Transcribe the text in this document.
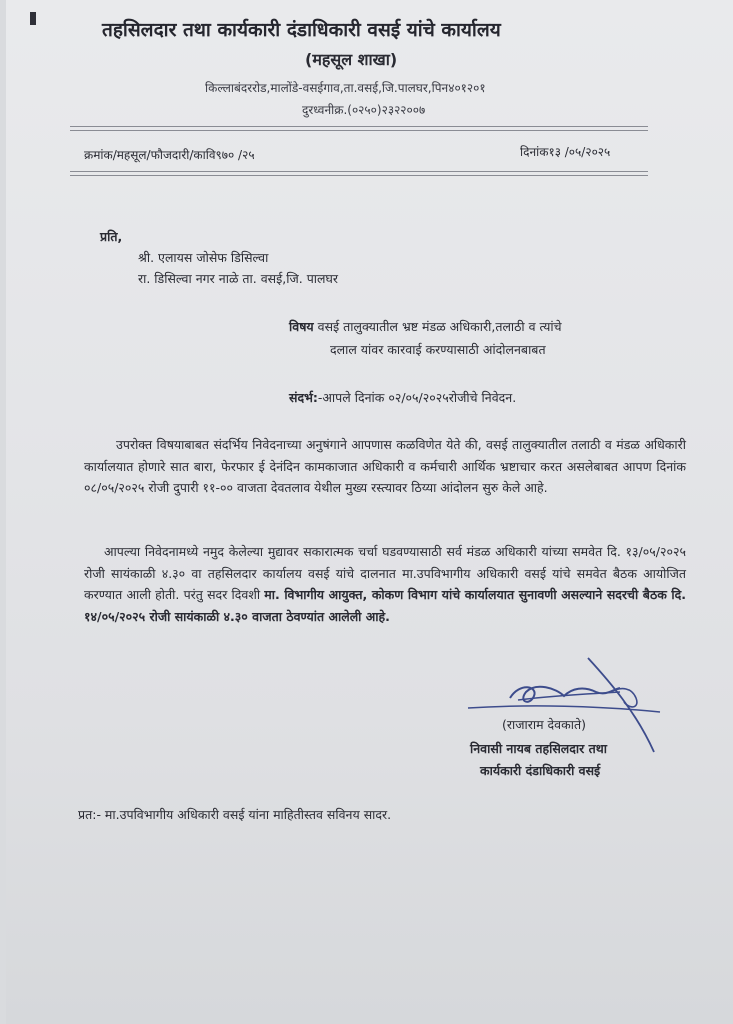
तहसिलदार तथा कार्यकारी दंडाधिकारी वसई यांचे कार्यालय
(महसूल शाखा)
किल्लाबंदररोड,मालोंडे-वसईगाव,ता.वसई,जि.पालघर,पिन४०१२०१
दुरध्वनीक्र.(०२५०)२३२२००७
क्रमांक/महसूल/फौजदारी/कावि९७० /२५	दिनांक१३ /०५/२०२५
प्रति,
श्री. एलायस जोसेफ डिसिल्वा
रा. डिसिल्वा नगर नाळे ता. वसई,जि. पालघर
विषय वसई तालुक्यातील भ्रष्ट मंडळ अधिकारी,तलाठी व त्यांचे
दलाल यांवर कारवाई करण्यासाठी आंदोलनबाबत
संदर्भ:-आपले दिनांक ०२/०५/२०२५रोजीचे निवेदन.
उपरोक्त विषयाबाबत संदर्भिय निवेदनाच्या अनुषंगाने आपणास कळविणेत येते की, वसई तालुक्यातील तलाठी व मंडळ अधिकारी कार्यालयात होणारे सात बारा, फेरफार ई देनंदिन कामकाजात अधिकारी व कर्मचारी आर्थिक भ्रष्टाचार करत असलेबाबत आपण दिनांक ०८/०५/२०२५ रोजी दुपारी ११-०० वाजता देवतलाव येथील मुख्य रस्त्यावर ठिय्या आंदोलन सुरु केले आहे.
आपल्या निवेदनामध्ये नमुद केलेल्या मुद्यावर सकारात्मक चर्चा घडवण्यासाठी सर्व मंडळ अधिकारी यांच्या समवेत दि. १३/०५/२०२५ रोजी सायंकाळी ४.३० वा तहसिलदार कार्यालय वसई यांचे दालनात मा.उपविभागीय अधिकारी वसई यांचे समवेत बैठक आयोजित करण्यात आली होती. परंतु सदर दिवशी मा. विभागीय आयुक्त, कोकण विभाग यांचे कार्यालयात सुनावणी असल्याने सदरची बैठक दि. १४/०५/२०२५ रोजी सायंकाळी ४.३० वाजता ठेवण्यांत आलेली आहे.
(राजाराम देवकाते)
निवासी नायब तहसिलदार तथा
कार्यकारी दंडाधिकारी वसई
प्रत:- मा.उपविभागीय अधिकारी वसई यांना माहितीस्तव सविनय सादर.
